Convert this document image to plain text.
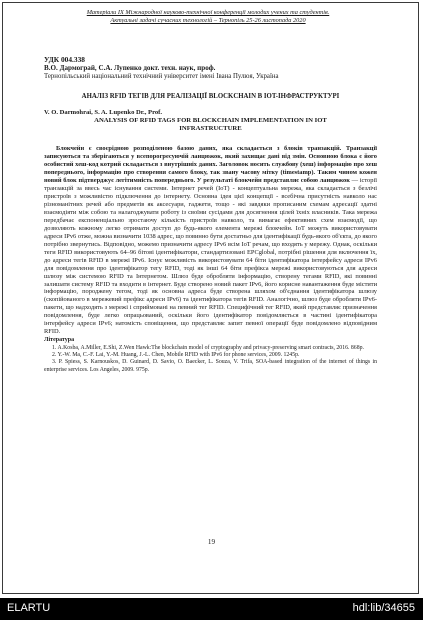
Матеріали IX Міжнародної науково-технічної конференції молодих учених та студентів.
Актуальні задачі сучасних технологій – Тернопіль 25-26 листопада 2020
УДК 004.338
В.О. Дармограй, С.А. Лупенко докт. техн. наук, проф.
Тернопільський національний технічний університет імені Івана Пулюя, Україна
АНАЛІЗ RFID ТЕГІВ ДЛЯ РЕАЛІЗАЦІЇ BLOCKCHAIN В IOT-ІНФРАСТРУКТУРІ
V. O. Darmohrai, S. A. Lupenko Dr., Prof.
ANALYSIS OF RFID TAGS FOR BLOCKCHAIN IMPLEMENTATION IN IOT INFRASTRUCTURE
Блокчейн є своєрідною розподіленою базою даних, яка складається з блоків транзакцій. Транзакції записуються та зберігаються у всепорогресуючій ланцюжок, який захищає дані від змін. Основною блока є його особистий хеш-код котрий складається з внутрішніх даних. Заголовок носить службову (хеш) інформацію про хеш попереднього, інформацію про створення самого блоку, так звану часову мітку (timestamp). Таким чином кожен новий блок підтверджує легітимність попереднього. У результаті блокчейн представляє собою ланцюжок — історії транзакцій за ввесь час існування системи. Інтернет речей (IoT) - концептуальна мережа, яка складається з безлічі пристроїв з можливістю підключення до інтернету. Основна ідея цієї концепції - всебічна присутність навколо нас різноманітних речей або предметів як аксесуари, гаджети, тощо - які завдяки прописаним схемам адресації здатні взаємодіяти між собою та налагоджувати роботу із своїми сусідами для досягнення цілей їхніх власників. Така мережа передбачає експоненціально зростаючу кількість пристроїв навколо, та вимагає ефективних схем взаємодії, що дозволяють кожному легко отримати доступ до будь-якого елемента мережі блокчейн. IoT можуть використовувати адреси IPv6 отже, можна визначити 1038 адрес, що повинно бути достатньо для ідентифікації будь-якого об'єкта, до якого потрібно звернутись. Відповідно, можемо призначити адресу IPv6 всім IoT речам, що входять у мережу. Однак, оскільки теги RFID використовують 64–96 бітові ідентифікатори, стандартизовані EPCglobal, потрібні рішення для включення їх, до адреси тегів RFID в мережі IPv6. Існує можливість використовувати 64 біти ідентифікатора інтерфейсу адреси IPv6 для повідомлення про ідентифікатор тегу RFID, тоді як інші 64 біти префікса мережі використовуються для адреси шлюзу між системою RFID та Інтернетом. Шлюз буде обробляти інформацію, створену тегами RFID, які повинні залишати систему RFID та входити в інтернет. Буде створено новий пакет IPv6, його корисне навантаження буде містити інформацію, породжену тегом, тоді як основна адреса буде створена шляхом об'єднання ідентифікатора шлюзу (скопійованого в мережевий префікс адреси IPv6) та ідентифікатора тегів RFID. Аналогічно, шлюз буде обробляти IPv6-пакети, що надходять з мережі і сприймовані на певний тег RFID. Специфічний тег RFID, який представляє призначення повідомлення, буде легко опрацьований, оскільки його ідентифікатор повідомляється в частині ідентифікатора інтерфейсу адреси IPv6; натомість сповіщення, що представляє запит певної операції буде повідомлено відповідним RFID.
Література
1. A.Kosba, A.Miller, E.Shi, Z.Wen Hawk:The blockchain model of cryptography and privacy-preserving smart contracts, 2016. 868p.
2. Y.-W. Ma, C.-F. Lai, Y.-M. Huang, J.-L. Chen, Mobile RFID with IPv6 for phone services, 2009. 1245p.
3. P. Spiess, S. Karnouskos, D. Guinard, D. Savio, O. Baecker, L. Souza, V. Trifa, SOA-based integration of the internet of things in enterprise services. Los Angeles, 2009. 975p.
19
ELARTU	hdl:lib/34655
